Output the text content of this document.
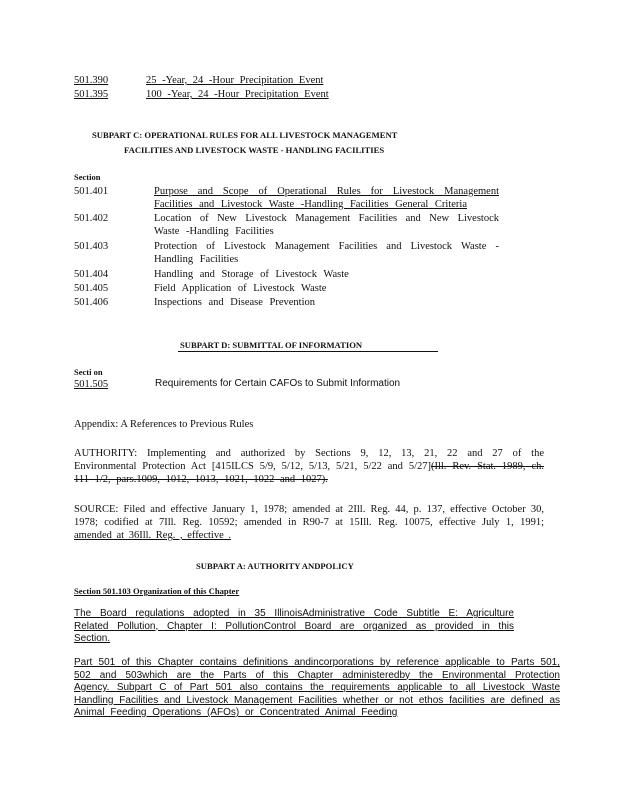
501.390	25 -Year, 24 -Hour Precipitation Event
501.395	100 -Year, 24 -Hour Precipitation Event
SUBPART C: OPERATIONAL RULES FOR ALL LIVESTOCK MANAGEMENT
FACILITIES AND LIVESTOCK WASTE - HANDLING FACILITIES
Section
501.401	Purpose and Scope of Operational Rules for Livestock Management Facilities and Livestock Waste -Handling Facilities General Criteria
501.402	Location of New Livestock Management Facilities and New Livestock Waste -Handling Facilities
501.403	Protection of Livestock Management Facilities and Livestock Waste - Handling Facilities
501.404	Handling and Storage of Livestock Waste
501.405	Field Application of Livestock Waste
501.406	Inspections and Disease Prevention
SUBPART D: SUBMITTAL OF INFORMATION
Secti on
501.505	Requirements for Certain CAFOs to Submit Information
Appendix: A References to Previous Rules
AUTHORITY: Implementing and authorized by Sections 9, 12, 13, 21, 22 and 27 of the Environmental Protection Act [415ILCS 5/9, 5/12, 5/13, 5/21, 5/22 and 5/27](Ill. Rev. Stat. 1989, ch. 111 1/2, pars.1009, 1012, 1013, 1021, 1022 and 1027).
SOURCE: Filed and effective January 1, 1978; amended at 2Ill. Reg. 44, p. 137, effective October 30, 1978; codified at 7Ill. Reg. 10592; amended in R90-7 at 15Ill. Reg. 10075, effective July 1, 1991; amended at 36Ill. Reg. , effective .
SUBPART A: AUTHORITY ANDPOLICY
Section 501.103 Organization of this Chapter
The Board regulations adopted in 35 IllinoisAdministrative Code Subtitle E: Agriculture Related Pollution, Chapter I: PollutionControl Board are organized as provided in this Section.
Part 501 of this Chapter contains definitions andincorporations by reference applicable to Parts 501, 502 and 503which are the Parts of this Chapter administeredby the Environmental Protection Agency. Subpart C of Part 501 also contains the requirements applicable to all Livestock Waste Handling Facilities and Livestock Management Facilities whether or not ethos facilities are defined as Animal Feeding Operations (AFOs) or Concentrated Animal Feeding
